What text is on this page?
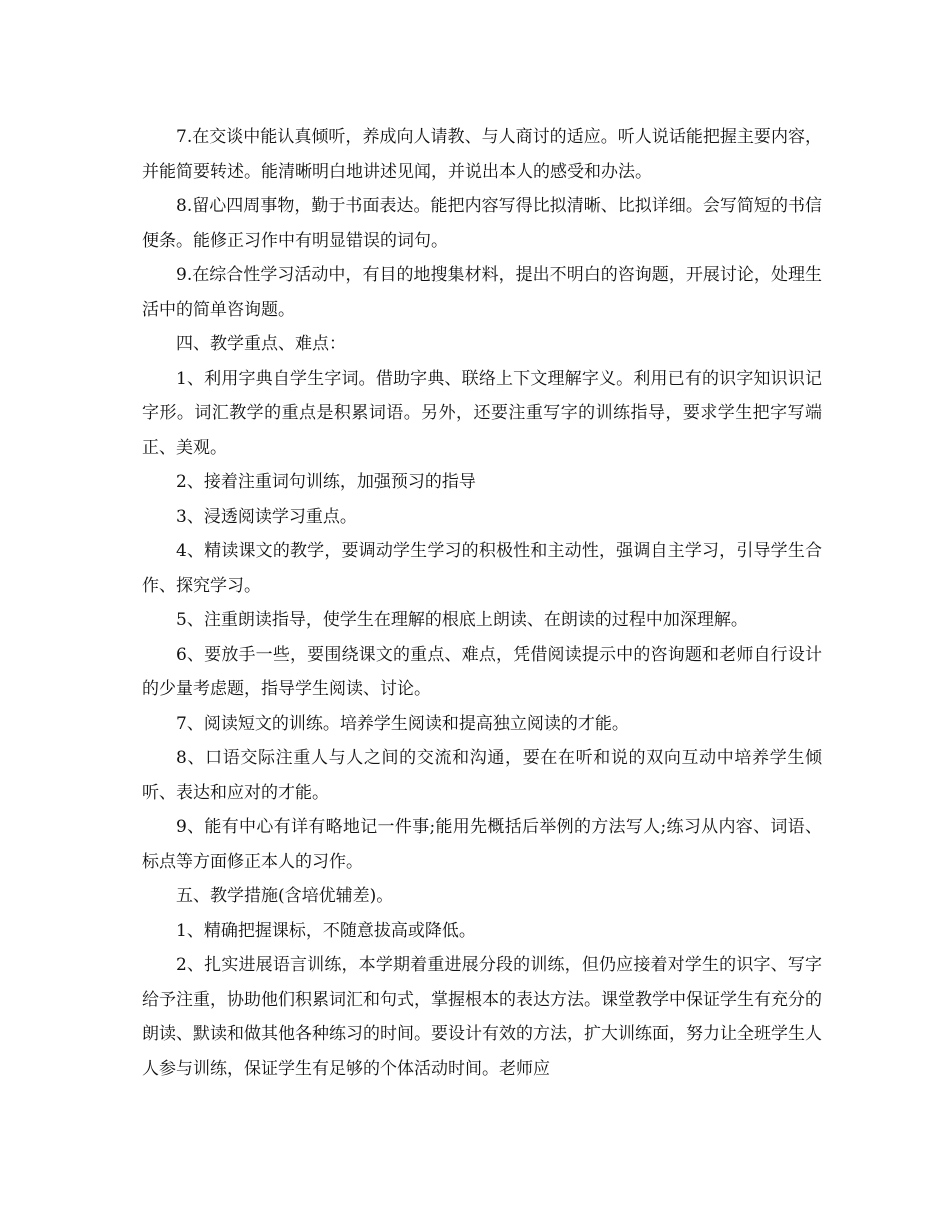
7.在交谈中能认真倾听，养成向人请教、与人商讨的适应。听人说话能把握主要内容，并能简要转述。能清晰明白地讲述见闻，并说出本人的感受和办法。

8.留心四周事物，勤于书面表达。能把内容写得比拟清晰、比拟详细。会写简短的书信便条。能修正习作中有明显错误的词句。

9.在综合性学习活动中，有目的地搜集材料，提出不明白的咨询题，开展讨论，处理生活中的简单咨询题。

四、教学重点、难点：

1、利用字典自学生字词。借助字典、联络上下文理解字义。利用已有的识字知识识记字形。词汇教学的重点是积累词语。另外，还要注重写字的训练指导，要求学生把字写端正、美观。

2、接着注重词句训练，加强预习的指导

3、浸透阅读学习重点。

4、精读课文的教学，要调动学生学习的积极性和主动性，强调自主学习，引导学生合作、探究学习。

5、注重朗读指导，使学生在理解的根底上朗读、在朗读的过程中加深理解。

6、要放手一些，要围绕课文的重点、难点，凭借阅读提示中的咨询题和老师自行设计的少量考虑题，指导学生阅读、讨论。

7、阅读短文的训练。培养学生阅读和提高独立阅读的才能。

8、口语交际注重人与人之间的交流和沟通，要在在听和说的双向互动中培养学生倾听、表达和应对的才能。

9、能有中心有详有略地记一件事;能用先概括后举例的方法写人;练习从内容、词语、标点等方面修正本人的习作。

五、教学措施(含培优辅差)。

1、精确把握课标，不随意拔高或降低。

2、扎实进展语言训练，本学期着重进展分段的训练，但仍应接着对学生的识字、写字给予注重，协助他们积累词汇和句式，掌握根本的表达方法。课堂教学中保证学生有充分的朗读、默读和做其他各种练习的时间。要设计有效的方法，扩大训练面，努力让全班学生人人参与训练，保证学生有足够的个体活动时间。老师应
